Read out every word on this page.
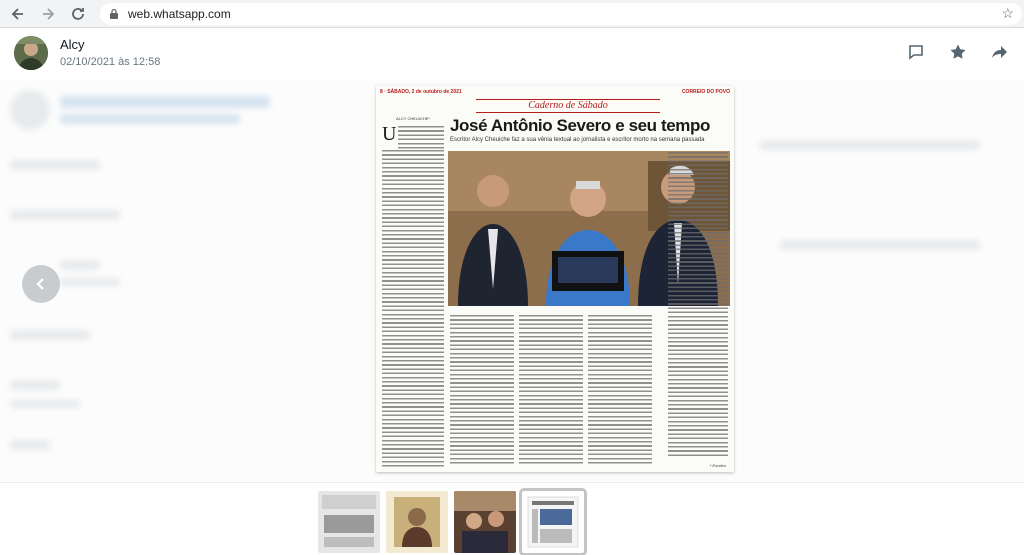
web.whatsapp.com	☆
Alcy
02/10/2021 às 12:58
8 · SÁBADO, 2 de outubro de 2021	CORREIO DO POVO
Caderno de Sábado
ALCY CHEUICHE*
U	José Antônio Severo e seu tempo
Escritor Alcy Cheuiche faz a sua vênia textual ao jornalista e escritor morto na semana passada
* Escritor
